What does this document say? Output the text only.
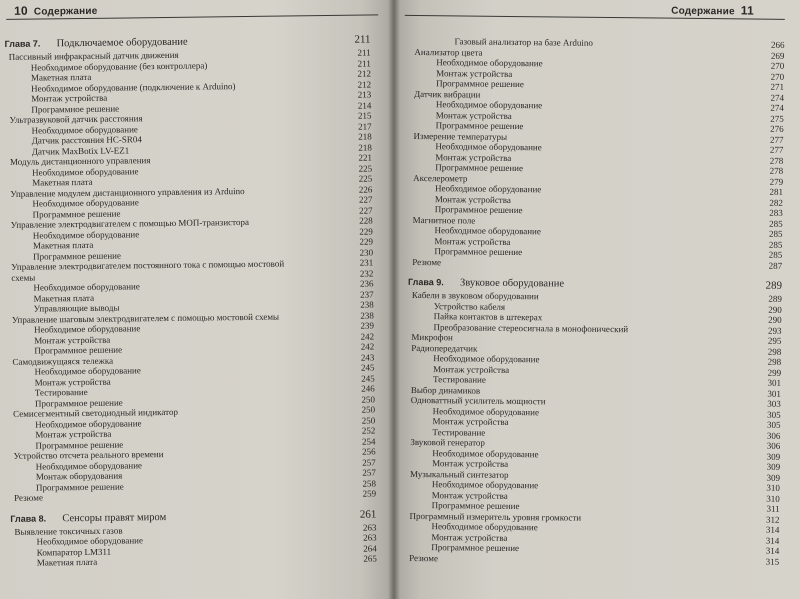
10 Содержание
Глава 7. Подключаемое оборудование	211
Пассивный инфракрасный датчик движения	211
Необходимое оборудование (без контроллера)	211
Макетная плата	212
Необходимое оборудование (подключение к Arduino)	212
Монтаж устройства	213
Программное решение	214
Ультразвуковой датчик расстояния	215
Необходимое оборудование	217
Датчик расстояния HC-SR04	218
Датчик MaxBotix LV-EZ1	218
Модуль дистанционного управления	221
Необходимое оборудование	225
Макетная плата	225
Управление модулем дистанционного управления из Arduino	226
Необходимое оборудование	227
Программное решение	227
Управление электродвигателем с помощью МОП-транзистора	228
Необходимое оборудование	229
Макетная плата	229
Программное решение	230
Управление электродвигателем постоянного тока с помощью мостовой	231
схемы	232
Необходимое оборудование	236
Макетная плата	237
Управляющие выводы	238
Управление шаговым электродвигателем с помощью мостовой схемы	238
Необходимое оборудование	239
Монтаж устройства	242
Программное решение	242
Самодвижущаяся тележка	243
Необходимое оборудование	245
Монтаж устройства	245
Тестирование	246
Программное решение	250
Семисегментный светодиодный индикатор	250
Необходимое оборудование	250
Монтаж устройства	252
Программное решение	254
Устройство отсчета реального времени	256
Необходимое оборудование	257
Монтаж оборудования	257
Программное решение	258
Резюме	259
Глава 8. Сенсоры правят миром	261
Выявление токсичных газов	263
Необходимое оборудование	263
Компаратор LM311	264
Макетная плата	265
Содержание 11
Газовый анализатор на базе Arduino	266
Анализатор цвета	269
Необходимое оборудование	270
Монтаж устройства	270
Программное решение	271
Датчик вибрации	274
Необходимое оборудование	274
Монтаж устройства	275
Программное решение	276
Измерение температуры	277
Необходимое оборудование	277
Монтаж устройства	278
Программное решение	278
Акселерометр	279
Необходимое оборудование	281
Монтаж устройства	282
Программное решение	283
Магнитное поле	285
Необходимое оборудование	285
Монтаж устройства	285
Программное решение	285
Резюме	287
Глава 9. Звуковое оборудование	289
Кабели в звуковом оборудовании	289
Устройство кабеля	290
Пайка контактов в штекерах	290
Преобразование стереосигнала в монофонический	293
Микрофон	295
Радиопередатчик	298
Необходимое оборудование	298
Монтаж устройства	299
Тестирование	301
Выбор динамиков	301
Одноваттный усилитель мощности	303
Необходимое оборудование	305
Монтаж устройства	305
Тестирование	306
Звуковой генератор	306
Необходимое оборудование	309
Монтаж устройства	309
Музыкальный синтезатор	309
Необходимое оборудование	310
Монтаж устройства	310
Программное решение	311
Программный измеритель уровня громкости	312
Необходимое оборудование	314
Монтаж устройства	314
Программное решение	314
Резюме	315
